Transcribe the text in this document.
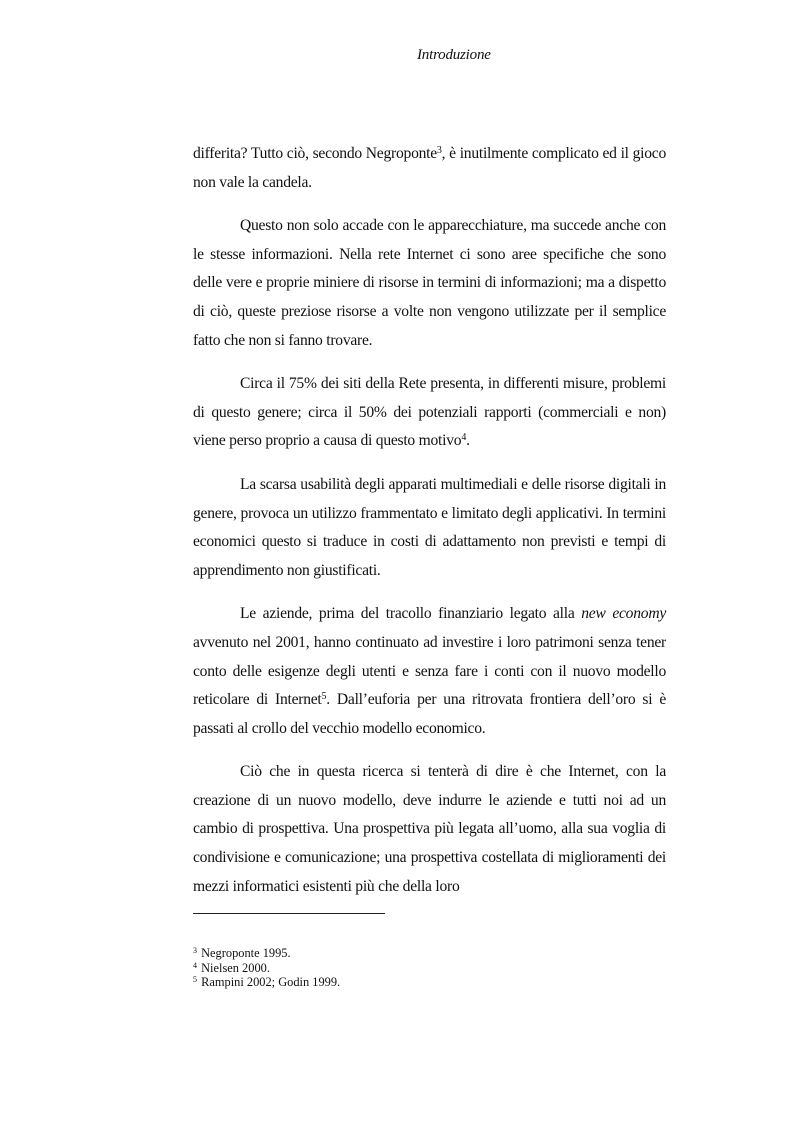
Introduzione

differita? Tutto ciò, secondo Negroponte$^3$, è inutilmente complicato ed il gioco non vale la candela.

Questo non solo accade con le apparecchiature, ma succede anche con le stesse informazioni. Nella rete Internet ci sono aree specifiche che sono delle vere e proprie miniere di risorse in termini di informazioni; ma a dispetto di ciò, queste preziose risorse a volte non vengono utilizzate per il semplice fatto che non si fanno trovare.

Circa il 75% dei siti della Rete presenta, in differenti misure, problemi di questo genere; circa il 50% dei potenziali rapporti (commerciali e non) viene perso proprio a causa di questo motivo$^4$.

La scarsa usabilità degli apparati multimediali e delle risorse digitali in genere, provoca un utilizzo frammentato e limitato degli applicativi. In termini economici questo si traduce in costi di adattamento non previsti e tempi di apprendimento non giustificati.

Le aziende, prima del tracollo finanziario legato alla new economy avvenuto nel 2001, hanno continuato ad investire i loro patrimoni senza tener conto delle esigenze degli utenti e senza fare i conti con il nuovo modello reticolare di Internet$^5$. Dall’euforia per una ritrovata frontiera dell’oro si è passati al crollo del vecchio modello economico.

Ciò che in questa ricerca si tenterà di dire è che Internet, con la creazione di un nuovo modello, deve indurre le aziende e tutti noi ad un cambio di prospettiva. Una prospettiva più legata all’uomo, alla sua voglia di condivisione e comunicazione; una prospettiva costellata di miglioramenti dei mezzi informatici esistenti più che della loro

$^3$ Negroponte 1995.
$^4$ Nielsen 2000.
$^5$ Rampini 2002; Godin 1999.
